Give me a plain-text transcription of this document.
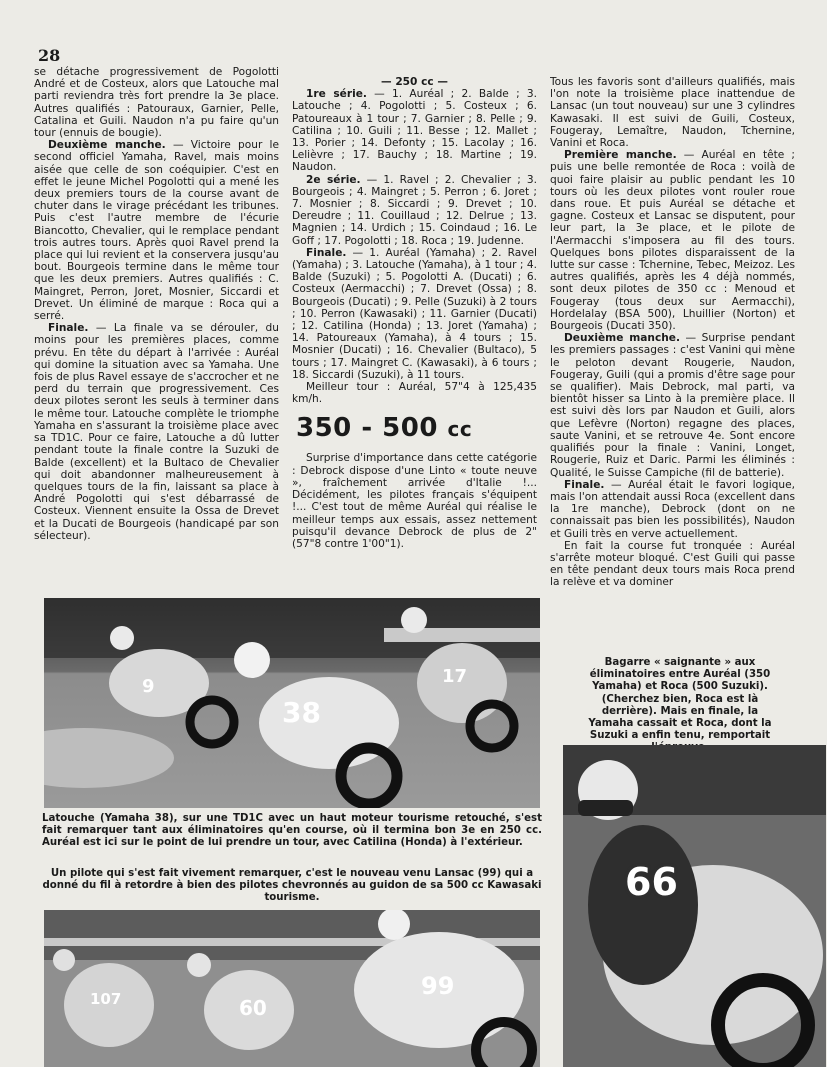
28

se détache progressivement de Pogolotti André et de Costeux, alors que Latouche mal parti reviendra très fort prendre la 3e place. Autres qualifiés : Patouraux, Garnier, Pelle, Catalina et Guili. Naudon n'a pu faire qu'un tour (ennuis de bougie).

Deuxième manche. — Victoire pour le second officiel Yamaha, Ravel, mais moins aisée que celle de son coéquipier. C'est en effet le jeune Michel Pogolotti qui a mené les deux premiers tours de la course avant de chuter dans le virage précédant les tribunes. Puis c'est l'autre membre de l'écurie Biancotto, Chevalier, qui le remplace pendant trois autres tours. Après quoi Ravel prend la place qui lui revient et la conservera jusqu'au bout. Bourgeois termine dans le même tour que les deux premiers. Autres qualifiés : C. Maingret, Perron, Joret, Mosnier, Siccardi et Drevet. Un éliminé de marque : Roca qui a serré.

Finale. — La finale va se dérouler, du moins pour les premières places, comme prévu. En tête du départ à l'arrivée : Auréal qui domine la situation avec sa Yamaha. Une fois de plus Ravel essaye de s'accrocher et ne perd du terrain que progressivement. Ces deux pilotes seront les seuls à terminer dans le même tour. Latouche complète le triomphe Yamaha en s'assurant la troisième place avec sa TD1C. Pour ce faire, Latouche a dû lutter pendant toute la finale contre la Suzuki de Balde (excellent) et la Bultaco de Chevalier qui doit abandonner malheureusement à quelques tours de la fin, laissant sa place à André Pogolotti qui s'est débarrassé de Costeux. Viennent ensuite la Ossa de Drevet et la Ducati de Bourgeois (handicapé par son sélecteur).

— 250 cc —

1re série. — 1. Auréal ; 2. Balde ; 3. Latouche ; 4. Pogolotti ; 5. Costeux ; 6. Patoureaux à 1 tour ; 7. Garnier ; 8. Pelle ; 9. Catilina ; 10. Guili ; 11. Besse ; 12. Mallet ; 13. Porier ; 14. Defonty ; 15. Lacolay ; 16. Lelièvre ; 17. Bauchy ; 18. Martine ; 19. Naudon.

2e série. — 1. Ravel ; 2. Chevalier ; 3. Bourgeois ; 4. Maingret ; 5. Perron ; 6. Joret ; 7. Mosnier ; 8. Siccardi ; 9. Drevet ; 10. Dereudre ; 11. Couillaud ; 12. Delrue ; 13. Magnien ; 14. Urdich ; 15. Coindaud ; 16. Le Goff ; 17. Pogolotti ; 18. Roca ; 19. Judenne.

Finale. — 1. Auréal (Yamaha) ; 2. Ravel (Yamaha) ; 3. Latouche (Yamaha), à 1 tour ; 4. Balde (Suzuki) ; 5. Pogolotti A. (Ducati) ; 6. Costeux (Aermacchi) ; 7. Drevet (Ossa) ; 8. Bourgeois (Ducati) ; 9. Pelle (Suzuki) à 2 tours ; 10. Perron (Kawasaki) ; 11. Garnier (Ducati) ; 12. Catilina (Honda) ; 13. Joret (Yamaha) ; 14. Patoureaux (Yamaha), à 4 tours ; 15. Mosnier (Ducati) ; 16. Chevalier (Bultaco), 5 tours ; 17. Maingret C. (Kawasaki), à 6 tours ; 18. Siccardi (Suzuki), à 11 tours.

Meilleur tour : Auréal, 57"4 à 125,435 km/h.

350 - 500 cc

Surprise d'importance dans cette catégorie : Debrock dispose d'une Linto « toute neuve », fraîchement arrivée d'Italie !... Décidément, les pilotes français s'équipent !... C'est tout de même Auréal qui réalise le meilleur temps aux essais, assez nettement puisqu'il devance Debrock de plus de 2" (57"8 contre 1'00"1).

Tous les favoris sont d'ailleurs qualifiés, mais l'on note la troisième place inattendue de Lansac (un tout nouveau) sur une 3 cylindres Kawasaki. Il est suivi de Guili, Costeux, Fougeray, Lemaître, Naudon, Tchernine, Vanini et Roca.

Première manche. — Auréal en tête ; puis une belle remontée de Roca : voilà de quoi faire plaisir au public pendant les 10 tours où les deux pilotes vont rouler roue dans roue. Et puis Auréal se détache et gagne. Costeux et Lansac se disputent, pour leur part, la 3e place, et le pilote de l'Aermacchi s'imposera au fil des tours. Quelques bons pilotes disparaissent de la lutte sur casse : Tchernine, Tebec, Meizoz. Les autres qualifiés, après les 4 déjà nommés, sont deux pilotes de 350 cc : Menoud et Fougeray (tous deux sur Aermacchi), Hordelalay (BSA 500), Lhuillier (Norton) et Bourgeois (Ducati 350).

Deuxième manche. — Surprise pendant les premiers passages : c'est Vanini qui mène le peloton devant Rougerie, Naudon, Fougeray, Guili (qui a promis d'être sage pour se qualifier). Mais Debrock, mal parti, va bientôt hisser sa Linto à la première place. Il est suivi dès lors par Naudon et Guili, alors que Lefèvre (Norton) regagne des places, saute Vanini, et se retrouve 4e. Sont encore qualifiés pour la finale : Vanini, Longet, Rougerie, Ruiz et Daric. Parmi les éliminés : Qualité, le Suisse Campiche (fil de batterie).

Finale. — Auréal était le favori logique, mais l'on attendait aussi Roca (excellent dans la 1re manche), Debrock (dont on ne connaissait pas bien les possibilités), Naudon et Guili très en verve actuellement.

En fait la course fut tronquée : Auréal s'arrête moteur bloqué. C'est Guili qui passe en tête pendant deux tours mais Roca prend la relève et va dominer

9
38
17
Bagarre « saignante » aux éliminatoires entre Auréal (350 Yamaha) et Roca (500 Suzuki). (Cherchez bien, Roca est là derrière). Mais en finale, la Yamaha cassait et Roca, dont la Suzuki a enfin tenu, remportait
66
Latouche (Yamaha 38), sur une TD1C avec un haut moteur tourisme retouché, s'est fait remarquer tant aux éliminatoires qu'en course, où il termina bon 3e en 250 cc. Auréal est ici sur le point de lui prendre un tour, avec Catilina (Honda) à l'extérieur.
Un pilote qui s'est fait vivement remarquer, c'est le nouveau venu Lansac (99) qui a donné du fil à retordre à bien des pilotes chevronnés au guidon de sa 500 cc Kawasaki tourisme.
107	60
99
